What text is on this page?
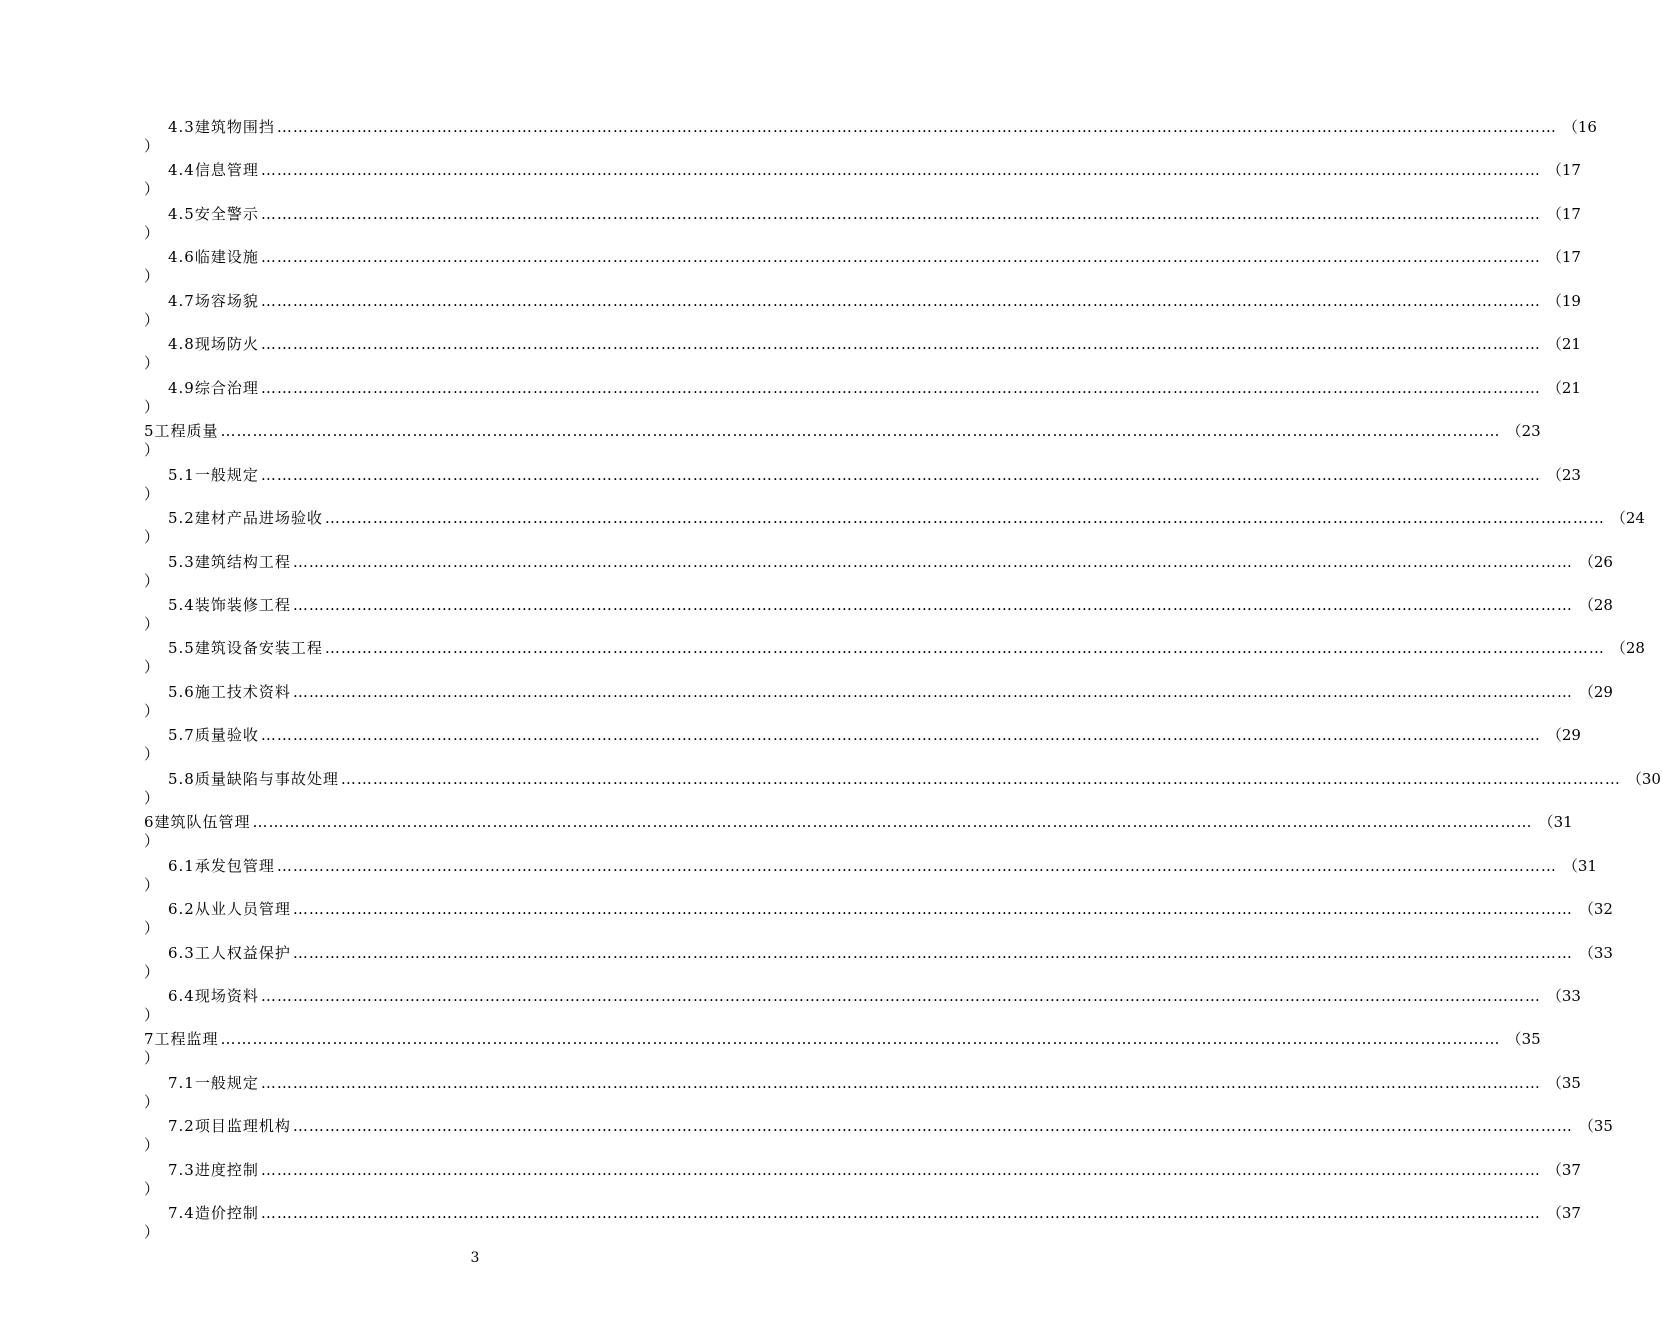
4.3建筑物围挡 …………………………………………………………………………………………………………………………………………………………………………………………………………………… （ 16
）
4.4信息管理 …………………………………………………………………………………………………………………………………………………………………………………………………………………… （ 17
）
4.5安全警示 …………………………………………………………………………………………………………………………………………………………………………………………………………………… （ 17
）
4.6临建设施 …………………………………………………………………………………………………………………………………………………………………………………………………………………… （ 17
）
4.7场容场貌 …………………………………………………………………………………………………………………………………………………………………………………………………………………… （ 19
）
4.8现场防火 …………………………………………………………………………………………………………………………………………………………………………………………………………………… （ 21
）
4.9综合治理 …………………………………………………………………………………………………………………………………………………………………………………………………………………… （ 21
）
5工程质量 …………………………………………………………………………………………………………………………………………………………………………………………………………………… （ 23
）
5.1一般规定 …………………………………………………………………………………………………………………………………………………………………………………………………………………… （ 23
）
5.2建材产品进场验收 …………………………………………………………………………………………………………………………………………………………………………………………………………………… （ 24
）
5.3建筑结构工程 …………………………………………………………………………………………………………………………………………………………………………………………………………………… （ 26
）
5.4装饰装修工程 …………………………………………………………………………………………………………………………………………………………………………………………………………………… （ 28
）
5.5建筑设备安装工程 …………………………………………………………………………………………………………………………………………………………………………………………………………………… （ 28
）
5.6施工技术资料 …………………………………………………………………………………………………………………………………………………………………………………………………………………… （ 29
）
5.7质量验收 …………………………………………………………………………………………………………………………………………………………………………………………………………………… （ 29
）
5.8质量缺陷与事故处理 …………………………………………………………………………………………………………………………………………………………………………………………………………………… （ 30
）
6建筑队伍管理 …………………………………………………………………………………………………………………………………………………………………………………………………………………… （ 31
）
6.1承发包管理 …………………………………………………………………………………………………………………………………………………………………………………………………………………… （ 31
）
6.2从业人员管理 …………………………………………………………………………………………………………………………………………………………………………………………………………………… （ 32
）
6.3工人权益保护 …………………………………………………………………………………………………………………………………………………………………………………………………………………… （ 33
）
6.4现场资料 …………………………………………………………………………………………………………………………………………………………………………………………………………………… （ 33
）
7工程监理 …………………………………………………………………………………………………………………………………………………………………………………………………………………… （ 35
）
7.1一般规定 …………………………………………………………………………………………………………………………………………………………………………………………………………………… （ 35
）
7.2项目监理机构 …………………………………………………………………………………………………………………………………………………………………………………………………………………… （ 35
）
7.3进度控制 …………………………………………………………………………………………………………………………………………………………………………………………………………………… （ 37
）
7.4造价控制 …………………………………………………………………………………………………………………………………………………………………………………………………………………… （ 37
）
3
